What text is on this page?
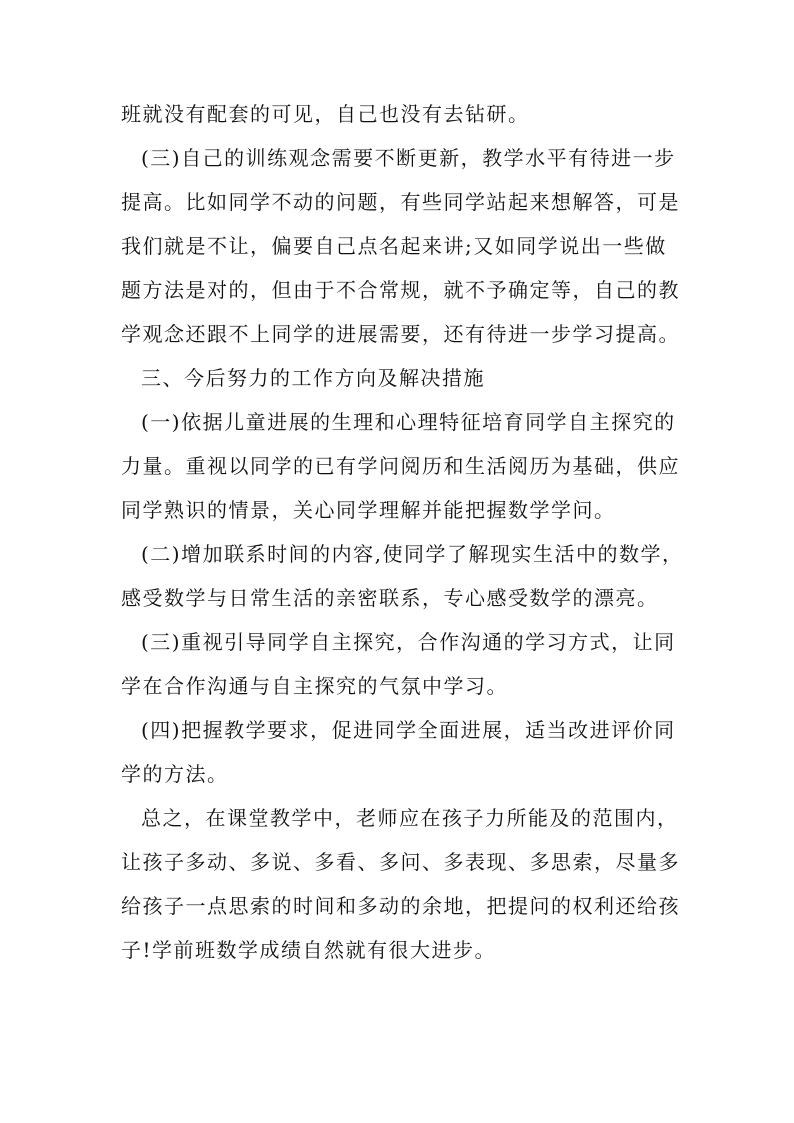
班就没有配套的可见，自己也没有去钻研。
(三)自己的训练观念需要不断更新，教学水平有待进一步
提高。比如同学不动的问题，有些同学站起来想解答，可是
我们就是不让，偏要自己点名起来讲;又如同学说出一些做
题方法是对的，但由于不合常规，就不予确定等，自己的教
学观念还跟不上同学的进展需要，还有待进一步学习提高。
三、今后努力的工作方向及解决措施
(一)依据儿童进展的生理和心理特征培育同学自主探究的
力量。重视以同学的已有学问阅历和生活阅历为基础，供应
同学熟识的情景，关心同学理解并能把握数学学问。
(二)增加联系时间的内容,使同学了解现实生活中的数学，
感受数学与日常生活的亲密联系，专心感受数学的漂亮。
(三)重视引导同学自主探究，合作沟通的学习方式，让同
学在合作沟通与自主探究的气氛中学习。
(四)把握教学要求，促进同学全面进展，适当改进评价同
学的方法。
总之，在课堂教学中，老师应在孩子力所能及的范围内，
让孩子多动、多说、多看、多问、多表现、多思索，尽量多
给孩子一点思索的时间和多动的余地，把提问的权利还给孩
子!学前班数学成绩自然就有很大进步。
